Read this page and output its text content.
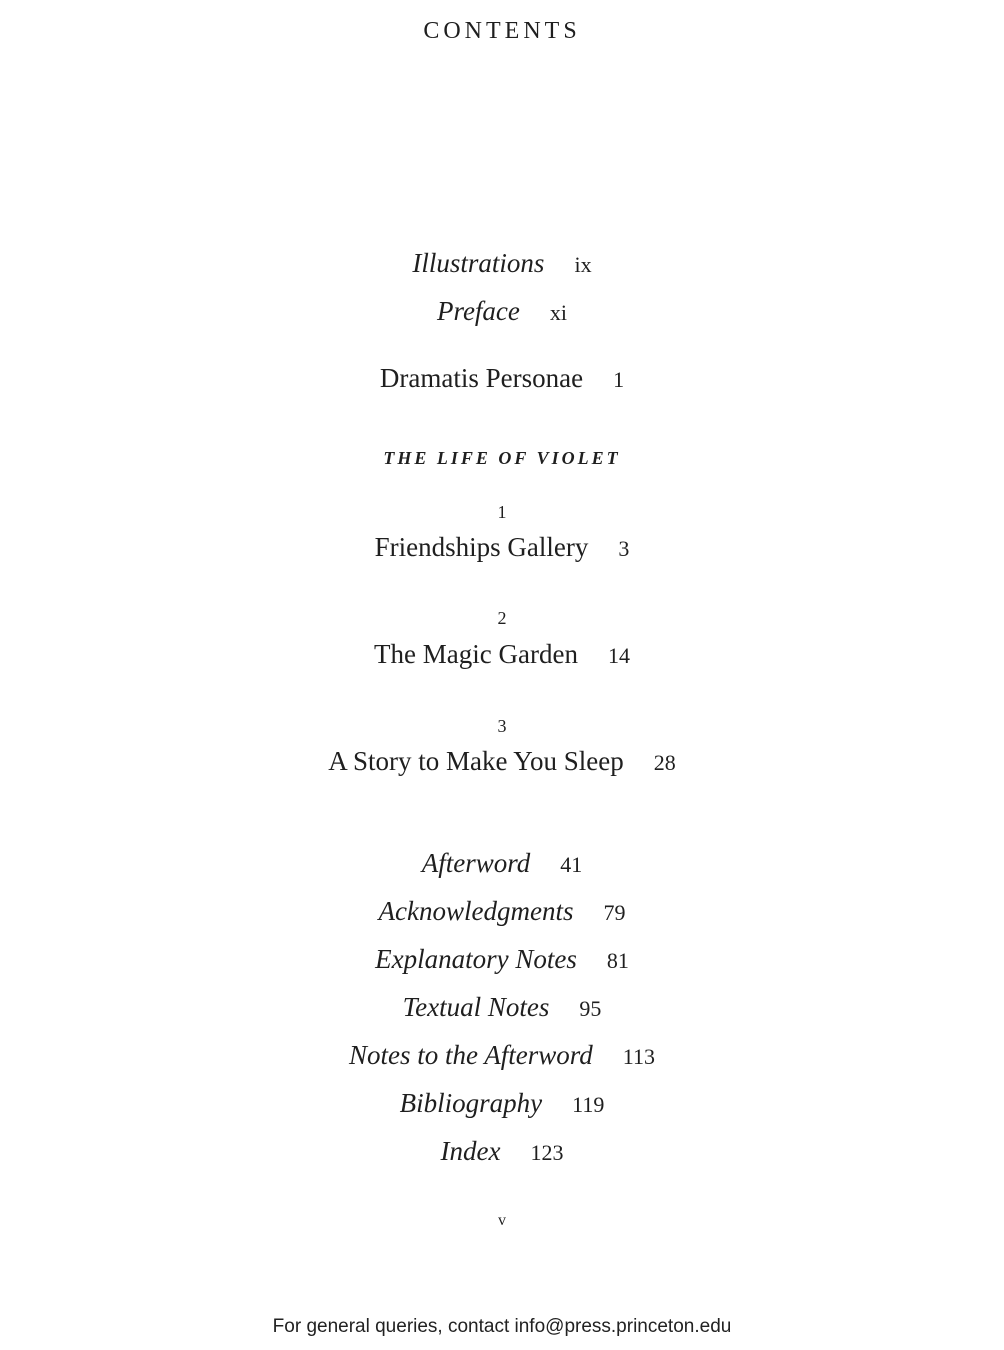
CONTENTS
Illustrations ix
Preface xi
Dramatis Personae 1
THE LIFE OF VIOLET
1
Friendships Gallery 3
2
The Magic Garden 14
3
A Story to Make You Sleep 28
Afterword 41
Acknowledgments 79
Explanatory Notes 81
Textual Notes 95
Notes to the Afterword 113
Bibliography 119
Index 123
v
For general queries, contact info@press.princeton.edu
